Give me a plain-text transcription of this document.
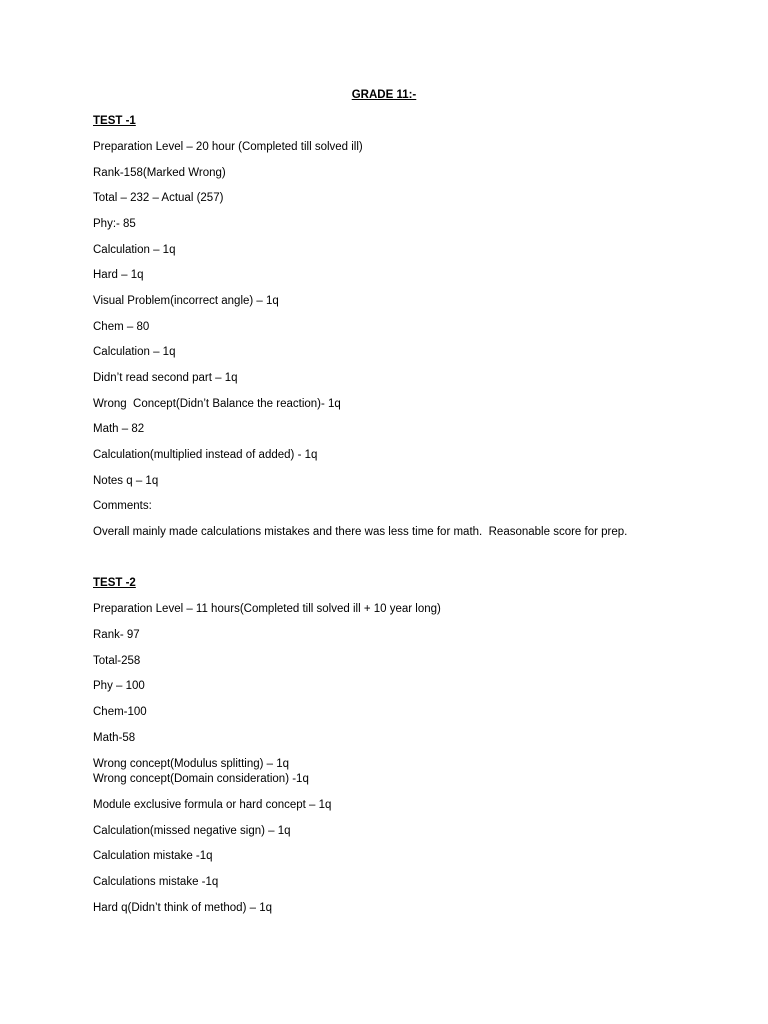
GRADE 11:-
TEST -1
Preparation Level – 20 hour (Completed till solved ill)
Rank-158(Marked Wrong)
Total – 232 – Actual (257)
Phy:- 85
Calculation – 1q
Hard – 1q
Visual Problem(incorrect angle) – 1q
Chem – 80
Calculation – 1q
Didn’t read second part – 1q
Wrong  Concept(Didn’t Balance the reaction)- 1q
Math – 82
Calculation(multiplied instead of added) - 1q
Notes q – 1q
Comments:
Overall mainly made calculations mistakes and there was less time for math.  Reasonable score for prep.
TEST -2
Preparation Level – 11 hours(Completed till solved ill + 10 year long)
Rank- 97
Total-258
Phy – 100
Chem-100
Math-58
Wrong concept(Modulus splitting) – 1q
Wrong concept(Domain consideration) -1q
Module exclusive formula or hard concept – 1q
Calculation(missed negative sign) – 1q
Calculation mistake -1q
Calculations mistake -1q
Hard q(Didn’t think of method) – 1q
